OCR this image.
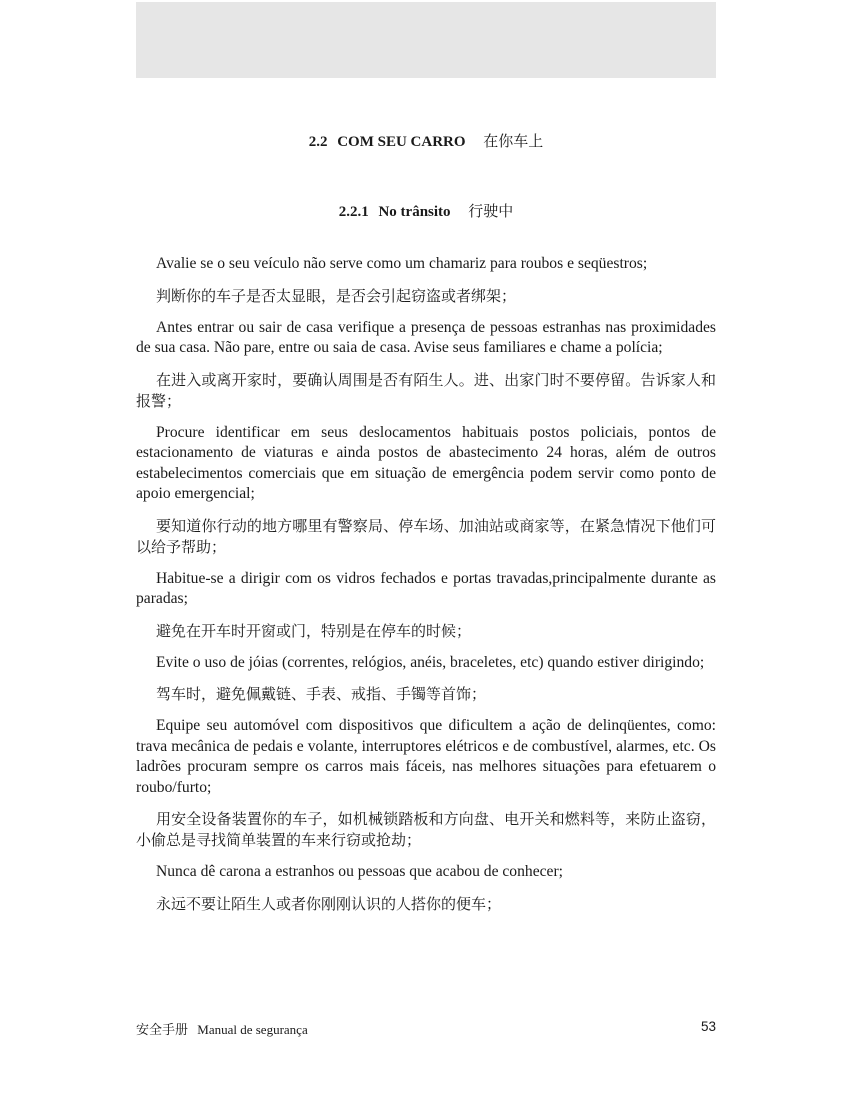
2.2 COM SEU CARRO 在你车上
2.2.1 No trânsito 行驶中

Avalie se o seu veículo não serve como um chamariz para roubos e seqüestros;

判断你的车子是否太显眼，是否会引起窃盗或者绑架；

Antes entrar ou sair de casa verifique a presença de pessoas estranhas nas proximidades de sua casa. Não pare, entre ou saia de casa. Avise seus familiares e chame a polícia;

在进入或离开家时，要确认周围是否有陌生人。进、出家门时不要停留。告诉家人和报警；

Procure identificar em seus deslocamentos habituais postos policiais, pontos de estacionamento de viaturas e ainda postos de abastecimento 24 horas, além de outros estabelecimentos comerciais que em situação de emergência podem servir como ponto de apoio emergencial;

要知道你行动的地方哪里有警察局、停车场、加油站或商家等，在紧急情况下他们可以给予帮助；

Habitue-se a dirigir com os vidros fechados e portas travadas,principalmente durante as paradas;

避免在开车时开窗或门，特别是在停车的时候；

Evite o uso de jóias (correntes, relógios, anéis, braceletes, etc) quando estiver dirigindo;

驾车时，避免佩戴链、手表、戒指、手镯等首饰；

Equipe seu automóvel com dispositivos que dificultem a ação de delinqüentes, como: trava mecânica de pedais e volante, interruptores elétricos e de combustível, alarmes, etc. Os ladrões procuram sempre os carros mais fáceis, nas melhores situações para efetuarem o roubo/furto;

用安全设备装置你的车子，如机械锁踏板和方向盘、电开关和燃料等，来防止盗窃，小偷总是寻找简单装置的车来行窃或抢劫；

Nunca dê carona a estranhos ou pessoas que acabou de conhecer;

永远不要让陌生人或者你刚刚认识的人搭你的便车；

安全手册 Manual de segurança	53
